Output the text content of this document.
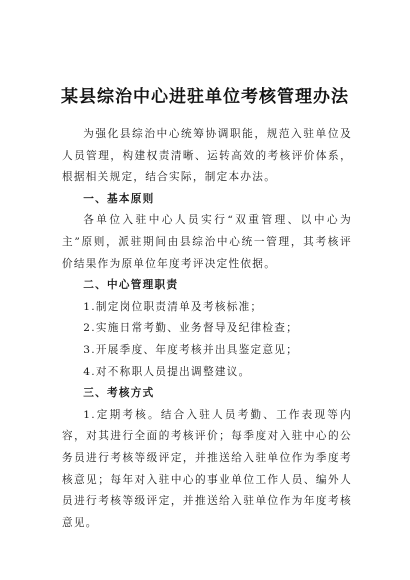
某县综治中心进驻单位考核管理办法

为强化县综治中心统筹协调职能，规范入驻单位及人员管理，构建权责清晰、运转高效的考核评价体系，根据相关规定，结合实际，制定本办法。

一、基本原则

各单位入驻中心人员实行“双重管理、以中心为主”原则，派驻期间由县综治中心统一管理，其考核评价结果作为原单位年度考评决定性依据。

二、中心管理职责

1.制定岗位职责清单及考核标准；

2.实施日常考勤、业务督导及纪律检查；

3.开展季度、年度考核并出具鉴定意见；

4.对不称职人员提出调整建议。

三、考核方式

1.定期考核。结合入驻人员考勤、工作表现等内容，对其进行全面的考核评价；每季度对入驻中心的公务员进行考核等级评定，并推送给入驻单位作为季度考核意见；每年对入驻中心的事业单位工作人员、编外人员进行考核等级评定，并推送给入驻单位作为年度考核意见。
